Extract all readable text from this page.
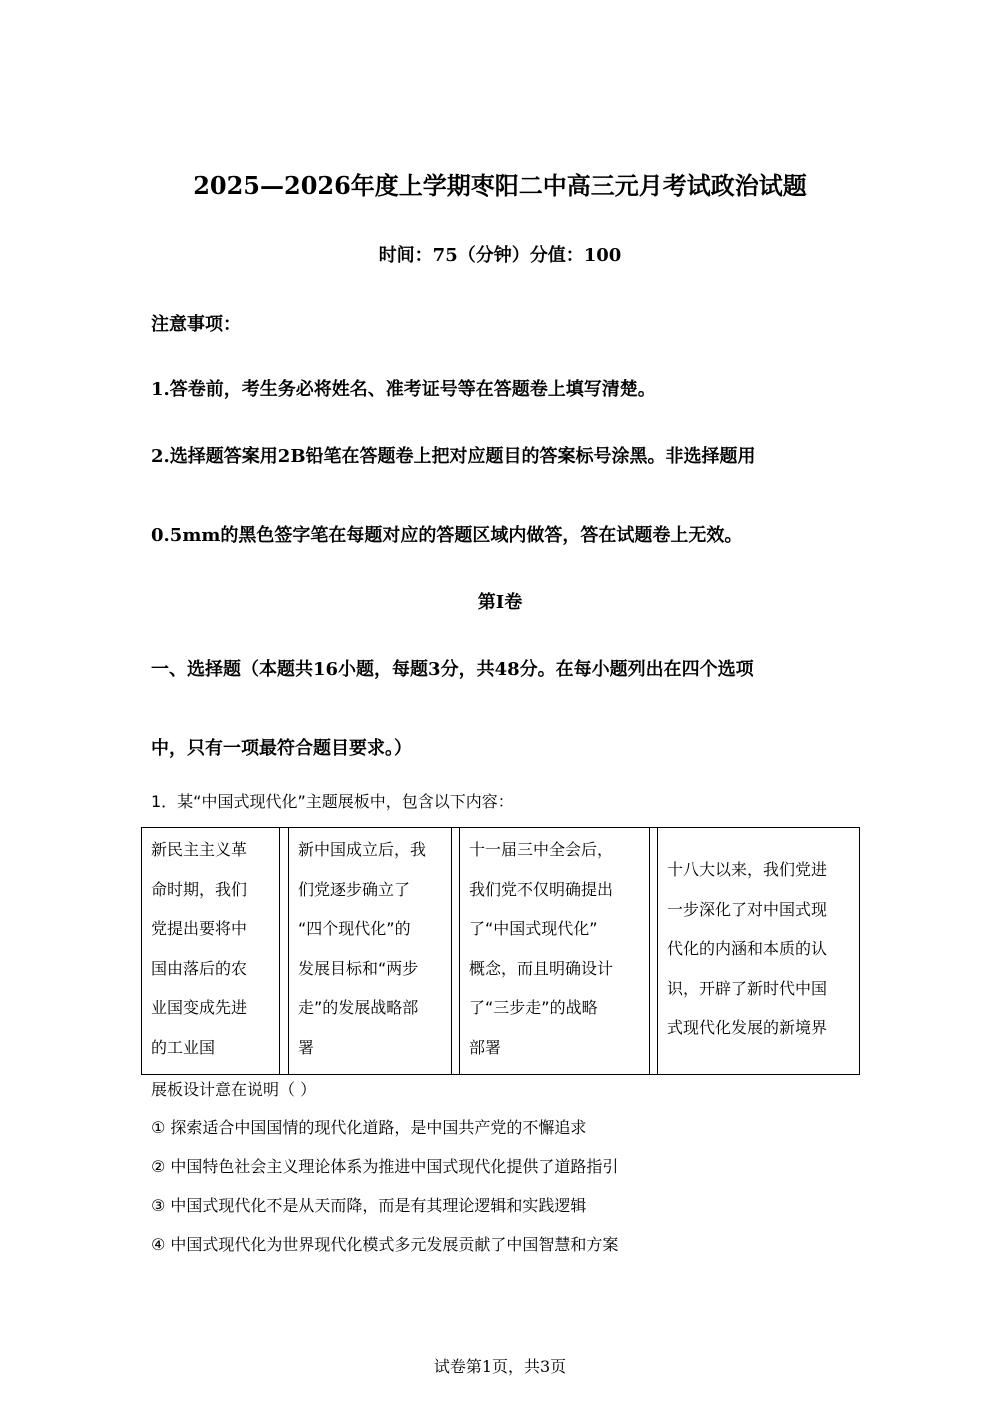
2025—2026年度上学期枣阳二中高三元月考试政治试题
时间：75（分钟）分值：100
注意事项：
1.答卷前，考生务必将姓名、准考证号等在答题卷上填写清楚。
2.选择题答案用2B铅笔在答题卷上把对应题目的答案标号涂黑。非选择题用
0.5mm的黑色签字笔在每题对应的答题区域内做答，答在试题卷上无效。
第Ⅰ卷
一、选择题（本题共16小题，每题3分，共48分。在每小题列出在四个选项
中，只有一项最符合题目要求。）
1．某“中国式现代化”主题展板中，包含以下内容：
新民主主义革
命时期，我们
党提出要将中
国由落后的农
业国变成先进
的工业国
新中国成立后，我
们党逐步确立了
“四个现代化”的
发展目标和“两步
走”的发展战略部
署
十一届三中全会后，
我们党不仅明确提出
了“中国式现代化”
概念，而且明确设计
了“三步走”的战略
部署
十八大以来，我们党进
一步深化了对中国式现
代化的内涵和本质的认
识，开辟了新时代中国
式现代化发展的新境界
展板设计意在说明（ ）
① 探索适合中国国情的现代化道路，是中国共产党的不懈追求
② 中国特色社会主义理论体系为推进中国式现代化提供了道路指引
③ 中国式现代化不是从天而降，而是有其理论逻辑和实践逻辑
④ 中国式现代化为世界现代化模式多元发展贡献了中国智慧和方案
试卷第1页，共3页
